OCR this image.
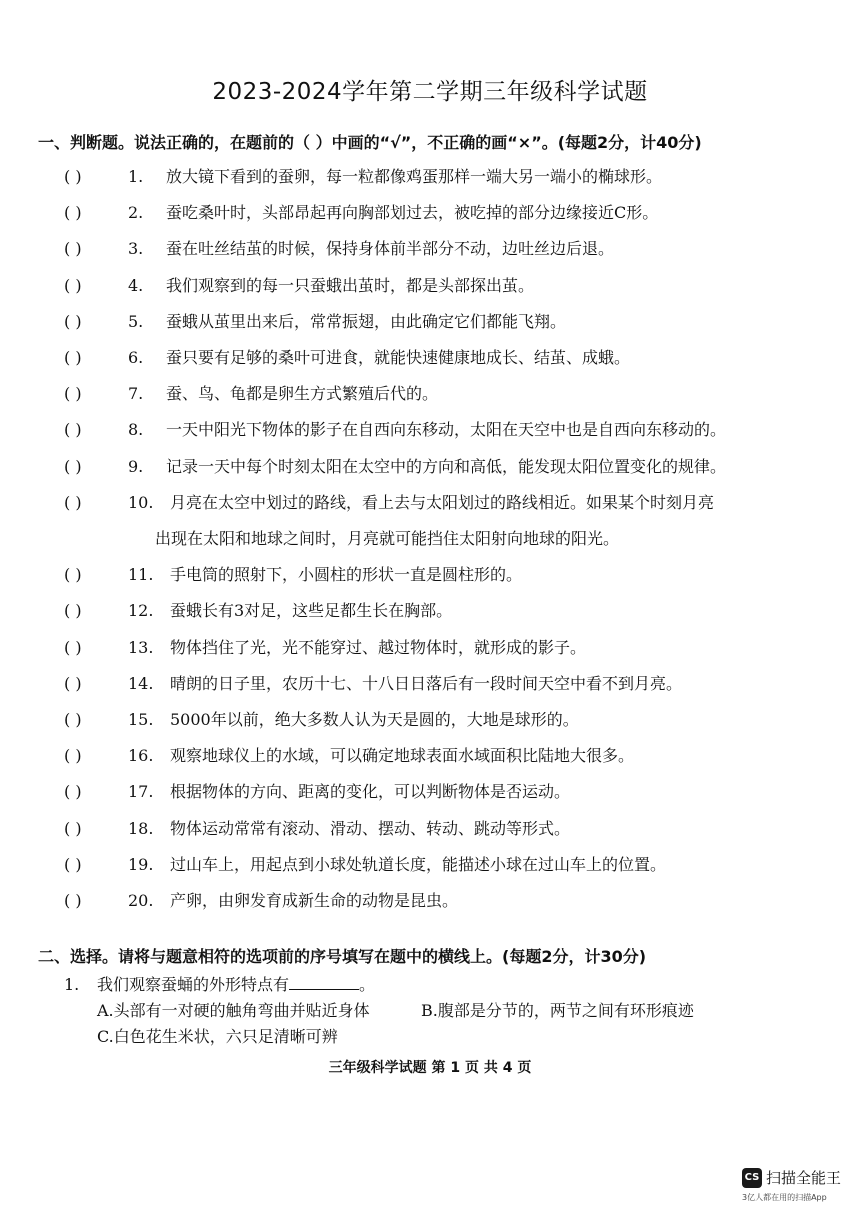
2023-2024学年第二学期三年级科学试题
一、判断题。说法正确的，在题前的（ ）中画的“√”，不正确的画“×”。(每题2分，计40分)
( )	1. 放大镜下看到的蚕卵，每一粒都像鸡蛋那样一端大另一端小的椭球形。
( )	2. 蚕吃桑叶时，头部昂起再向胸部划过去，被吃掉的部分边缘接近C形。
( )	3. 蚕在吐丝结茧的时候，保持身体前半部分不动，边吐丝边后退。
( )	4. 我们观察到的每一只蚕蛾出茧时，都是头部探出茧。
( )	5. 蚕蛾从茧里出来后，常常振翅，由此确定它们都能飞翔。
( )	6. 蚕只要有足够的桑叶可进食，就能快速健康地成长、结茧、成蛾。
( )	7. 蚕、鸟、龟都是卵生方式繁殖后代的。
( )	8. 一天中阳光下物体的影子在自西向东移动，太阳在天空中也是自西向东移动的。
( )	9. 记录一天中每个时刻太阳在太空中的方向和高低，能发现太阳位置变化的规律。
( )	10. 月亮在太空中划过的路线，看上去与太阳划过的路线相近。如果某个时刻月亮
出现在太阳和地球之间时，月亮就可能挡住太阳射向地球的阳光。
( )	11. 手电筒的照射下，小圆柱的形状一直是圆柱形的。
( )	12. 蚕蛾长有3对足，这些足都生长在胸部。
( )	13. 物体挡住了光，光不能穿过、越过物体时，就形成的影子。
( )	14. 晴朗的日子里，农历十七、十八日日落后有一段时间天空中看不到月亮。
( )	15. 5000年以前，绝大多数人认为天是圆的，大地是球形的。
( )	16. 观察地球仪上的水域，可以确定地球表面水域面积比陆地大很多。
( )	17. 根据物体的方向、距离的变化，可以判断物体是否运动。
( )	18. 物体运动常常有滚动、滑动、摆动、转动、跳动等形式。
( )	19. 过山车上，用起点到小球处轨道长度，能描述小球在过山车上的位置。
( )	20. 产卵，由卵发育成新生命的动物是昆虫。
二、选择。请将与题意相符的选项前的序号填写在题中的横线上。(每题2分，计30分)
1. 我们观察蚕蛹的外形特点有	。
A.头部有一对硬的触角弯曲并贴近身体	B.腹部是分节的，两节之间有环形痕迹
C.白色花生米状，六只足清晰可辨
三年级科学试题 第 1 页 共 4 页
CS 扫描全能王
3亿人都在用的扫描App
